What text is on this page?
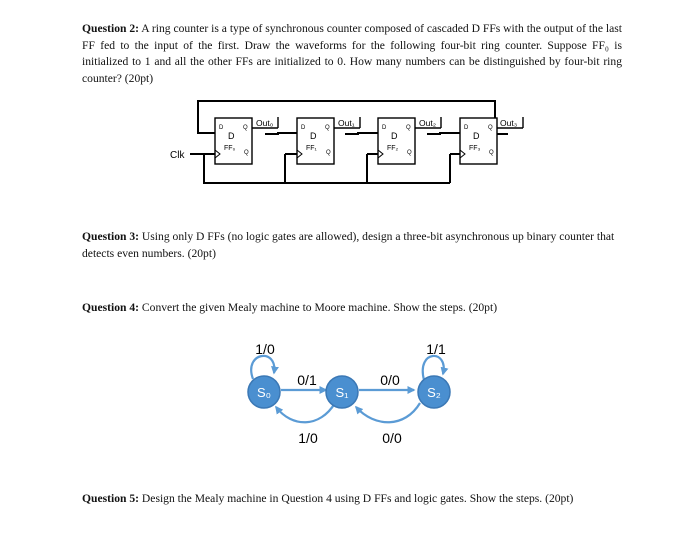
Question 2: A ring counter is a type of synchronous counter composed of cascaded D FFs with the output of the last FF fed to the input of the first. Draw the waveforms for the following four-bit ring counter. Suppose FF₀ is initialized to 1 and all the other FFs are initialized to 0. How many numbers can be distinguished by four-bit ring counter? (20pt)

D	Q
D
FF₀
Q
Out₀	D	Q
D
FF₁
Q
Out₁	D	Q
D
FF₂
Q
Out₂	D	Q
D
FF₃
Q
Out₃
Clk
S₀	S₁	S₂
1/0
0/1	0/0
1/1
1/0	0/0

Question 3: Using only D FFs (no logic gates are allowed), design a three-bit asynchronous up binary counter that detects even numbers. (20pt)

Question 4: Convert the given Mealy machine to Moore machine. Show the steps. (20pt)

Question 5: Design the Mealy machine in Question 4 using D FFs and logic gates. Show the steps. (20pt)
